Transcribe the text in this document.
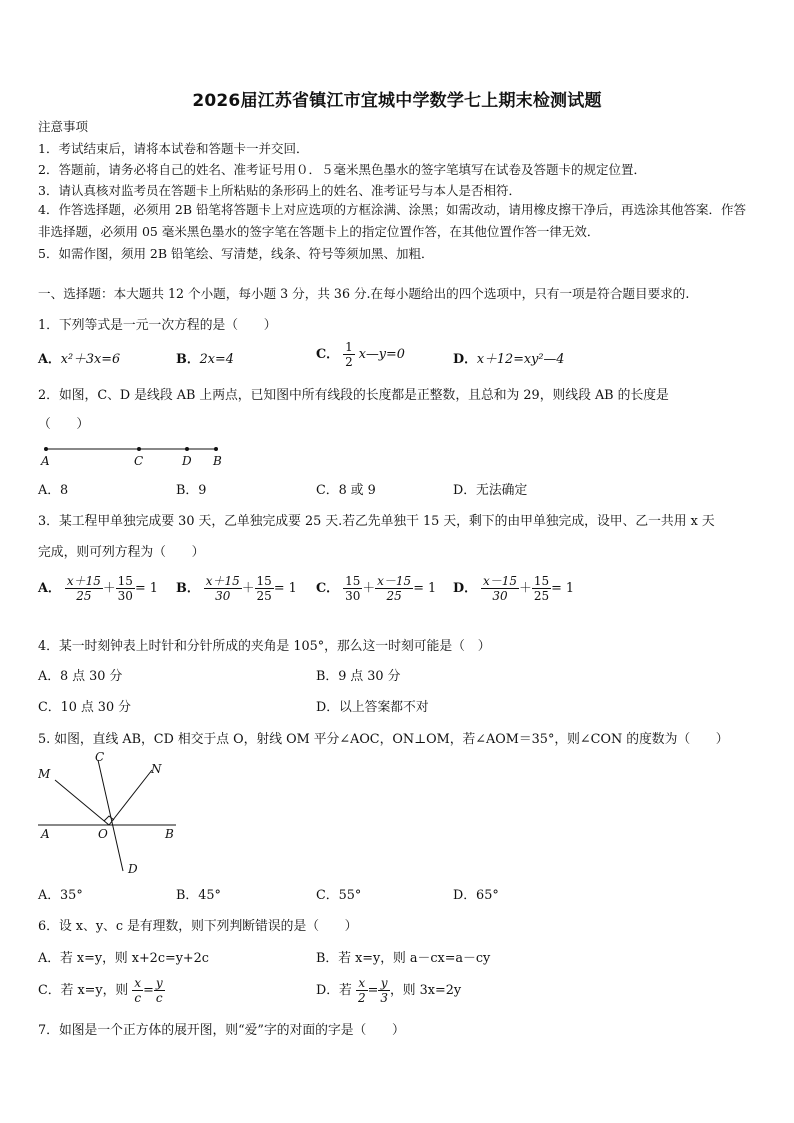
2026届江苏省镇江市宜城中学数学七上期末检测试题
注意事项
1．考试结束后，请将本试卷和答题卡一并交回．
2．答题前，请务必将自己的姓名、准考证号用０．５毫米黑色墨水的签字笔填写在试卷及答题卡的规定位置．
3．请认真核对监考员在答题卡上所粘贴的条形码上的姓名、准考证号与本人是否相符．
4．作答选择题，必须用 2B 铅笔将答题卡上对应选项的方框涂满、涂黑；如需改动，请用橡皮擦干净后，再选涂其他答案．作答非选择题，必须用 05 毫米黑色墨水的签字笔在答题卡上的指定位置作答，在其他位置作答一律无效．
5．如需作图，须用 2B 铅笔绘、写清楚，线条、符号等须加黑、加粗．
一、选择题：本大题共 12 个小题，每小题 3 分，共 36 分.在每小题给出的四个选项中，只有一项是符合题目要求的.
1．下列等式是一元一次方程的是（　　）
A．x²＋3x=6	B．2x=4	C． $\frac{1}{2}$ x—y=0	D．x＋12=xy²—4
2．如图，C、D 是线段 AB 上两点，已知图中所有线段的长度都是正整数，且总和为 29，则线段 AB 的长度是
（　　）
A	C	D B
A．8	B．9	C．8 或 9	D．无法确定
3．某工程甲单独完成要 30 天，乙单独完成要 25 天.若乙先单独干 15 天，剩下的由甲单独完成，设甲、乙一共用 x 天
完成，则可列方程为（　　）
A． $\frac{x+15}{25} + \frac{15}{30} = 1$ B． $\frac{x+15}{30} + \frac{15}{25} = 1$ C． $\frac{15}{30} + \frac{x-15}{25} = 1$ D． $\frac{x-15}{30} + \frac{15}{25} = 1$
4．某一时刻钟表上时针和分针所成的夹角是 105°，那么这一时刻可能是（　）
A．8 点 30 分	B．9 点 30 分
C．10 点 30 分	D．以上答案都不对
5. 如图，直线 AB，CD 相交于点 O，射线 OM 平分∠AOC，ON⊥OM，若∠AOM＝35°，则∠CON 的度数为（　　）
M
C
N
A	O	B
D
A．35°	B．45°	C．55°	D．65°
6．设 x、y、c 是有理数，则下列判断错误的是（　　）
A．若 x=y，则 x+2c=y+2c	B．若 x=y，则 a－cx=a－cy
C．若 x=y，则 $\frac{x}{c} = \frac{y}{c}$	D．若 $\frac{x}{2} = \frac{y}{3}$ ，则 3x=2y
7．如图是一个正方体的展开图，则“爱”字的对面的字是（　　）
